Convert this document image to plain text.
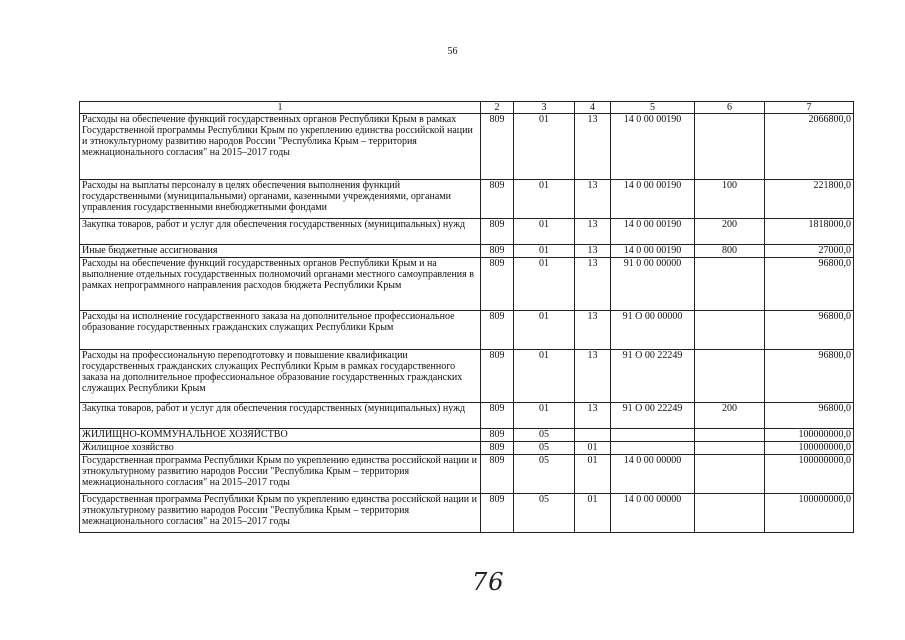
56
1	2	3	4	5	6	7
Расходы на обеспечение функций государственных органов Республики Крым в рамках Государственной программы Республики Крым по укреплению единства российской нации и этнокультурному развитию народов России "Республика Крым – территория межнационального согласия" на 2015–2017 годы	809	01	13	14 0 00 00190		2066800,0
Расходы на выплаты персоналу в целях обеспечения выполнения функций государственными (муниципальными) органами, казенными учреждениями, органами управления государственными внебюджетными фондами	809	01	13	14 0 00 00190	100	221800,0
Закупка товаров, работ и услуг для обеспечения государственных (муниципальных) нужд	809	01	13	14 0 00 00190	200	1818000,0
Иные бюджетные ассигнования	809	01	13	14 0 00 00190	800	27000,0
Расходы на обеспечение функций государственных органов Республики Крым и на выполнение отдельных государственных полномочий органами местного самоуправления в рамках непрограммного направления расходов бюджета Республики Крым	809	01	13	91 0 00 00000		96800,0
Расходы на исполнение государственного заказа на дополнительное профессиональное образование государственных гражданских служащих Республики Крым	809	01	13	91 О 00 00000		96800,0
Расходы на профессиональную переподготовку и повышение квалификации государственных гражданских служащих Республики Крым в рамках государственного заказа на дополнительное профессиональное образование государственных гражданских служащих Республики Крым	809	01	13	91 О 00 22249		96800,0
Закупка товаров, работ и услуг для обеспечения государственных (муниципальных) нужд	809	01	13	91 О 00 22249	200	96800,0
ЖИЛИЩНО-КОММУНАЛЬНОЕ ХОЗЯЙСТВО	809	05				100000000,0
Жилищное хозяйство	809	05	01			100000000,0
Государственная программа Республики Крым по укреплению единства российской нации и этнокультурному развитию народов России "Республика Крым – территория межнационального согласия" на 2015–2017 годы	809	05	01	14 0 00 00000		100000000,0
Государственная программа Республики Крым по укреплению единства российской нации и этнокультурному развитию народов России "Республика Крым – территория межнационального согласия" на 2015–2017 годы	809	05	01	14 0 00 00000		100000000,0
76
